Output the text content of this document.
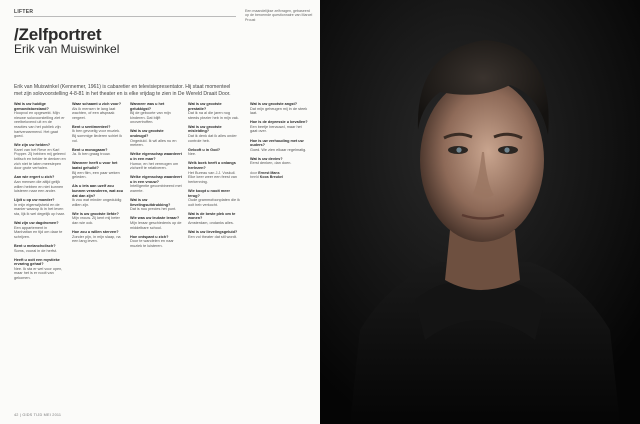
LIFTER	Een maandelijkse zelfvragen, gebaseerd op de beroemde questionnaire van Marcel Proust
/Zelfportret
Erik van Muiswinkel
Erik van Muiswinkel (Kennemer, 1961) is cabaretier en televisiepresentator. Hij staat momenteel met zijn solovoorstelling 4-8-81 in het theater en is elke vrijdag te zien in De Wereld Draait Door.
Wat is uw huidige gemoedstoestand?
Hoopvol en opgewekt. Mijn nieuwe solovoorstelling ziet er veelbelovend uit en de reacties van het publiek zijn hartverwarmend. Het gaat goed.
Wie zijn uw helden?
Karel van het Reve en Karl Popper. Zij hebben mij geleerd kritisch en helder te denken en zich niet te laten meeslepen door grote verhalen.
Aan wie ergert u zich?
Aan mensen die altijd gelijk willen hebben en niet kunnen luisteren naar een ander.
Lijdt u op uw moeder?
In mijn eigenwijsheid en de manier waarop ik in het leven sta, lijk ik wel degelijk op haar.
Wat zijn uw dagdromen?
Een appartement in Manhattan en tijd om daar te schrijven.
Bent u melancholisch?
Soms, vooral in de herfst.
Heeft u ooit een mystieke ervaring gehad?
Nee. Ik sta er wel voor open, maar het is er nooit van gekomen.
Waar schaamt u zich voor?
Als ik mensen te lang laat wachten, of een afspraak vergeet.
Bent u sentimenteel?
Ik ben gevoelig voor muziek. Bij sommige liederen schiet ik vol.
Bent u monogaam?
Ja. Ik ben graag trouw.
Wanneer heeft u voor het laatst gehuild?
Bij een film, een paar weken geleden.
Als u iets aan uzelf zou kunnen veranderen, wat zou dat dan zijn?
Ik zou wat minder ongeduldig willen zijn.
Wie is uw grootste liefde?
Mijn vrouw. Zij kent mij beter dan wie ook.
Hoe zou u willen sterven?
Zonder pijn, in mijn slaap, na een lang leven.
Wanneer was u het gelukkigst?
Bij de geboorte van mijn kinderen. Dat blijft onovertroffen.
Wat is uw grootste ondeugd?
Ongeduld. Ik wil alles nu en meteen.
Welke eigenschap waardeert u in een man?
Humor, en het vermogen om zichzelf te relativeren.
Welke eigenschap waardeert u in een vrouw?
Intelligentie gecombineerd met warmte.
Wat is uw lievelingsuitdrukking?
Dat is nou precies het punt.
Wie was uw leukste leraar?
Mijn leraar geschiedenis op de middelbare school.
Hoe ontspant u zich?
Door te wandelen en naar muziek te luisteren.
Wat is uw grootste prestatie?
Dat ik na al die jaren nog steeds plezier heb in mijn vak.
Wat is uw grootste misleiding?
Dat ik denk dat ik alles onder controle heb.
Gelooft u in God?
Nee.
Welk boek heeft u onlangs herlezen?
Het Bureau van J.J. Voskuil. Elke keer weer een feest van herkenning.
Wie koopt u nooit meer terug?
Oude grammofoonplaten die ik ooit heb verkocht.
Wat is de beste plek om te wonen?
Amsterdam, ondanks alles.
Wat is uw lievelingsgeluid?
Een vol theater dat stil wordt.
Wat is uw grootste angst?
Dat mijn geheugen mij in de steek laat.
Hoe is de depressie u bevallen?
Een beetje benauwd, maar het gaat over.
Hoe is uw verhouding met uw ouders?
Goed. We zien elkaar regelmatig.
Wat is uw devies?
Eerst denken, dan doen.
door Ernest Mans
beeld Koos Breukel
42 | GIDS TIJD MEI 2011
